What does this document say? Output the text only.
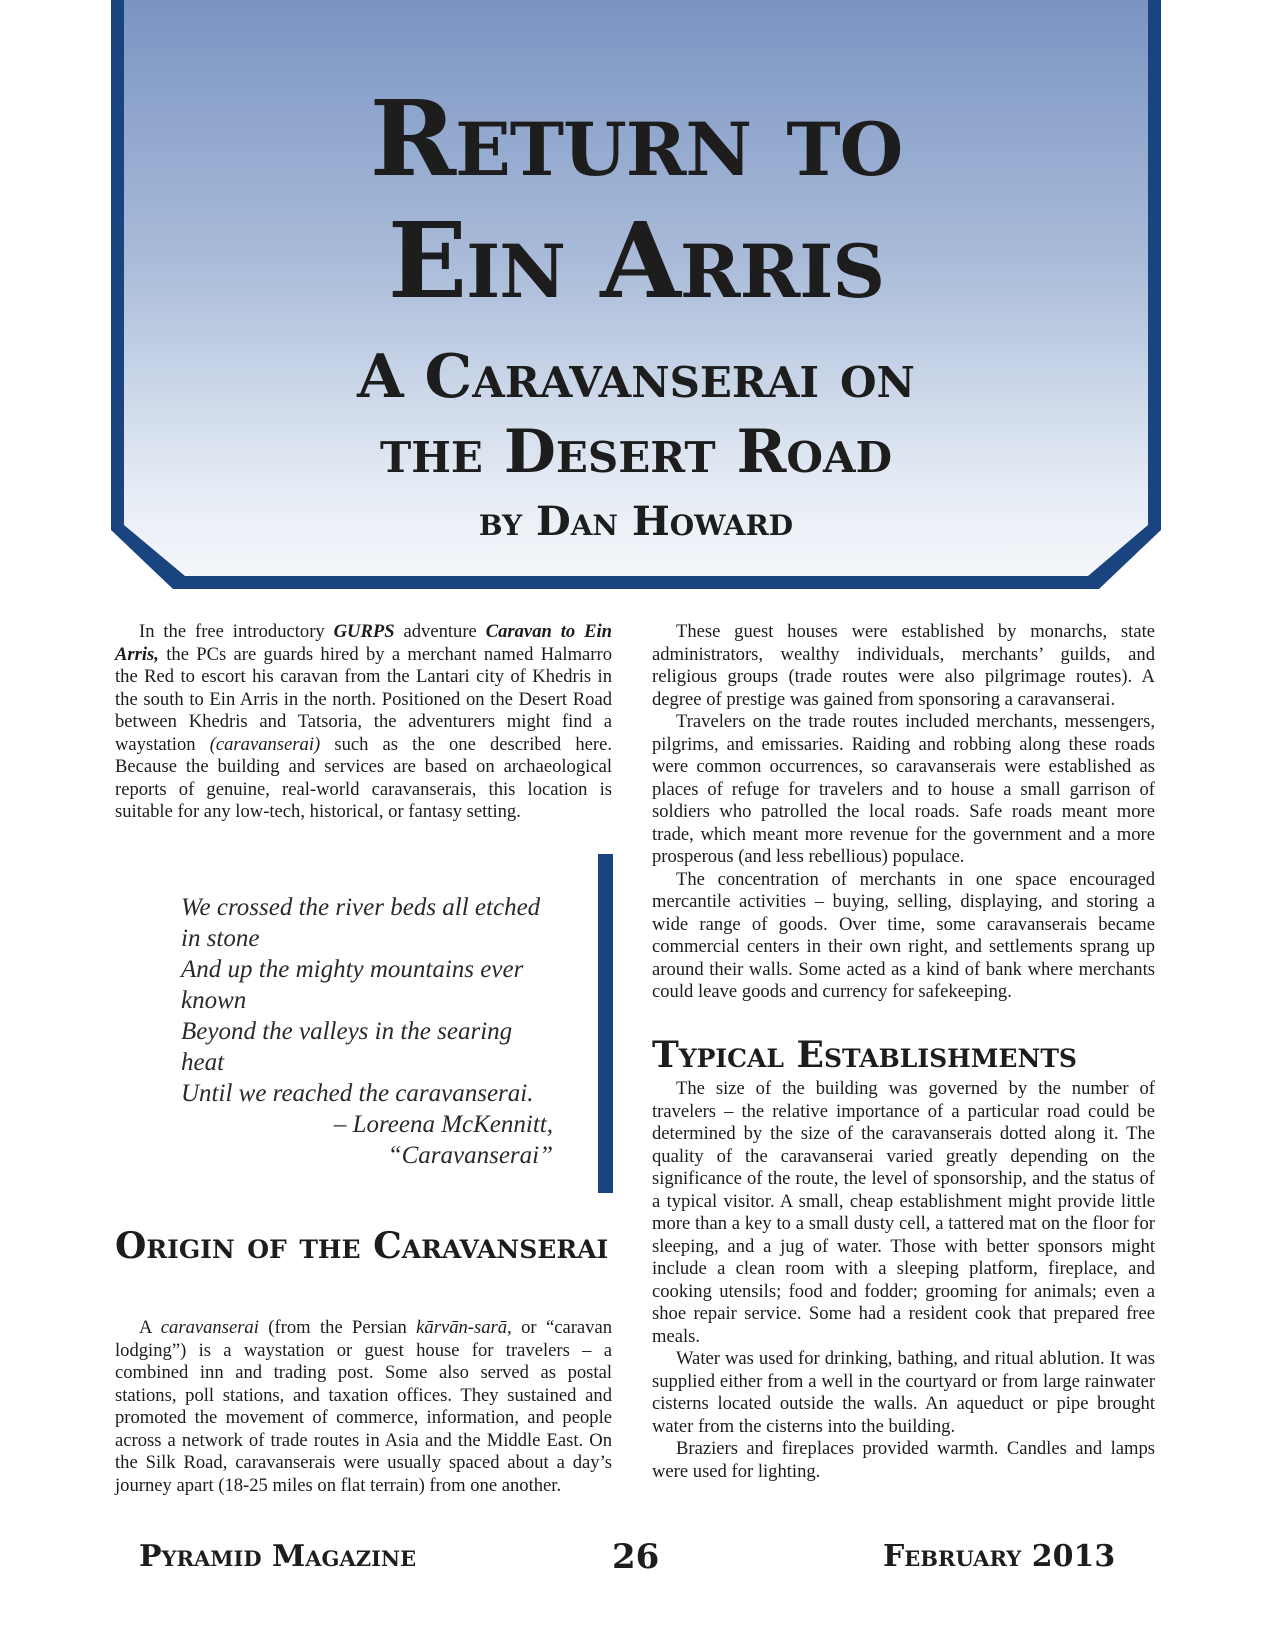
Return to
Ein Arris
A Caravanserai on
the Desert Road
by Dan Howard

In the free introductory GURPS adventure Caravan to Ein Arris, the PCs are guards hired by a merchant named Halmarro the Red to escort his caravan from the Lantari city of Khedris in the south to Ein Arris in the north. Positioned on the Desert Road between Khedris and Tatsoria, the adventurers might find a waystation (caravanserai) such as the one described here. Because the building and services are based on archaeological reports of genuine, real-world caravanserais, this location is suitable for any low-tech, historical, or fantasy setting.

We crossed the river beds all etched in stone
And up the mighty mountains ever known
Beyond the valleys in the searing heat
Until we reached the caravanserai.
– Loreena McKennitt,
“Caravanserai”
Origin of the Caravanserai

A caravanserai (from the Persian kārvān-sarā, or “caravan lodging”) is a waystation or guest house for travelers – a combined inn and trading post. Some also served as postal stations, poll stations, and taxation offices. They sustained and promoted the movement of commerce, information, and people across a network of trade routes in Asia and the Middle East. On the Silk Road, caravanserais were usually spaced about a day’s journey apart (18-25 miles on flat terrain) from one another.

These guest houses were established by monarchs, state administrators, wealthy individuals, merchants’ guilds, and religious groups (trade routes were also pilgrimage routes). A degree of prestige was gained from sponsoring a caravanserai.

Travelers on the trade routes included merchants, messengers, pilgrims, and emissaries. Raiding and robbing along these roads were common occurrences, so caravanserais were established as places of refuge for travelers and to house a small garrison of soldiers who patrolled the local roads. Safe roads meant more trade, which meant more revenue for the government and a more prosperous (and less rebellious) populace.

The concentration of merchants in one space encouraged mercantile activities – buying, selling, displaying, and storing a wide range of goods. Over time, some caravanserais became commercial centers in their own right, and settlements sprang up around their walls. Some acted as a kind of bank where merchants could leave goods and currency for safekeeping.

Typical Establishments

The size of the building was governed by the number of travelers – the relative importance of a particular road could be determined by the size of the caravanserais dotted along it. The quality of the caravanserai varied greatly depending on the significance of the route, the level of sponsorship, and the status of a typical visitor. A small, cheap establishment might provide little more than a key to a small dusty cell, a tattered mat on the floor for sleeping, and a jug of water. Those with better sponsors might include a clean room with a sleeping platform, fireplace, and cooking utensils; food and fodder; grooming for animals; even a shoe repair service. Some had a resident cook that prepared free meals.

Water was used for drinking, bathing, and ritual ablution. It was supplied either from a well in the courtyard or from large rainwater cisterns located outside the walls. An aqueduct or pipe brought water from the cisterns into the building.

Braziers and fireplaces provided warmth. Candles and lamps were used for lighting.

Pyramid Magazine	26	February 2013
